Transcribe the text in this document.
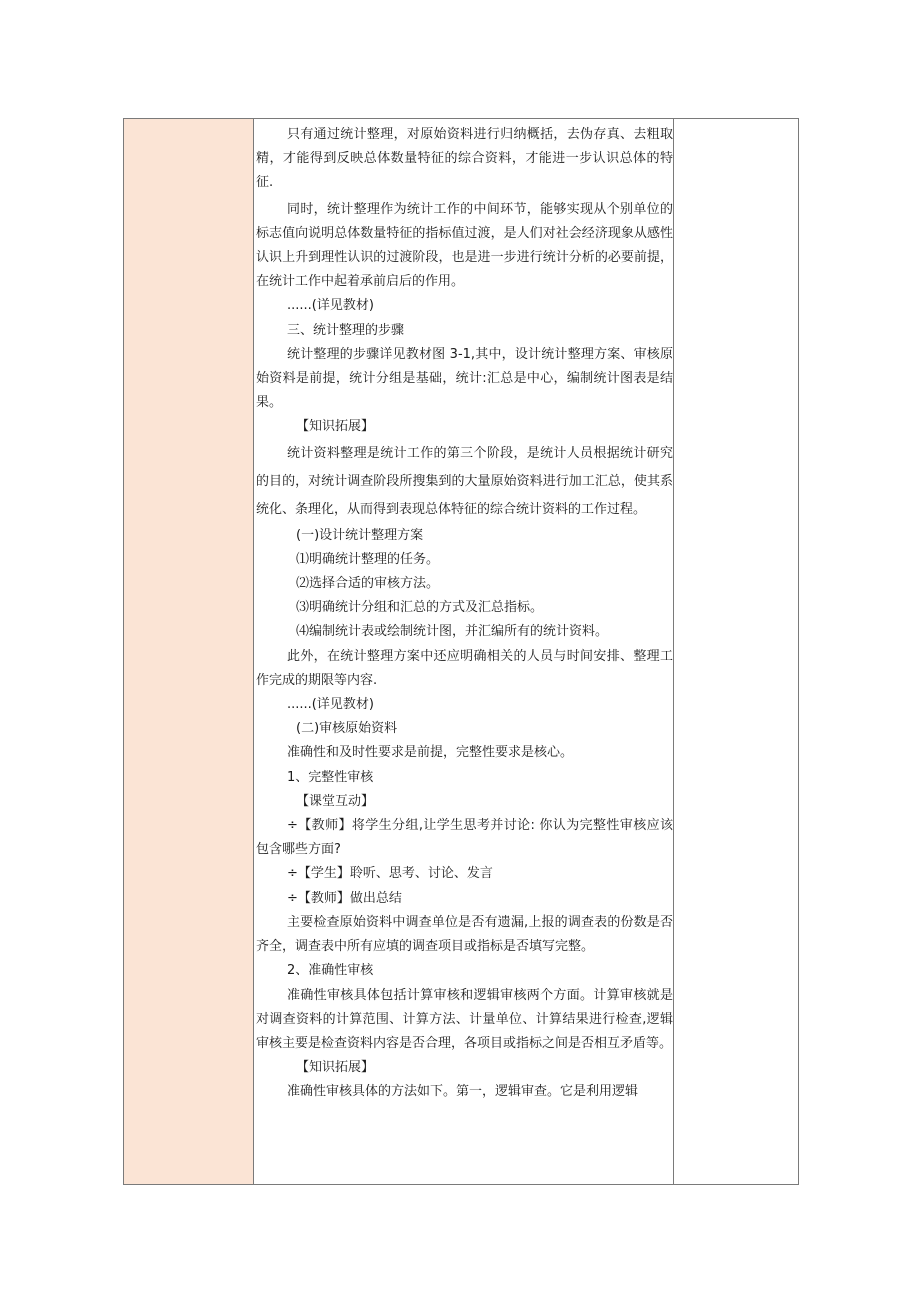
只有通过统计整理，对原始资料进行归纳概括，去伪存真、去粗取精，才能得到反映总体数量特征的综合资料，才能进一步认识总体的特征.

同时，统计整理作为统计工作的中间环节，能够实现从个别单位的标志值向说明总体数量特征的指标值过渡，是人们对社会经济现象从感性认识上升到理性认识的过渡阶段，也是进一步进行统计分析的必要前提，在统计工作中起着承前启后的作用。

......(详见教材)

三、统计整理的步骤

统计整理的步骤详见教材图 3-1,其中，设计统计整理方案、审核原始资料是前提，统计分组是基础，统计:汇总是中心，编制统计图表是结果。

【知识拓展】

统计资料整理是统计工作的第三个阶段，是统计人员根据统计研究的目的，对统计调查阶段所搜集到的大量原始资料进行加工汇总，使其系统化、条理化，从而得到表现总体特征的综合统计资料的工作过程。

(一)设计统计整理方案

⑴明确统计整理的任务。

⑵选择合适的审核方法。

⑶明确统计分组和汇总的方式及汇总指标。

⑷编制统计表或绘制统计图，并汇编所有的统计资料。

此外，在统计整理方案中还应明确相关的人员与时间安排、整理工作完成的期限等内容.

......(详见教材)

(二)审核原始资料

准确性和及时性要求是前提，完整性要求是核心。

1、完整性审核

【课堂互动】

÷【教师】将学生分组,让学生思考并讨论: 你认为完整性审核应该包含哪些方面?

÷【学生】聆听、思考、讨论、发言

÷【教师】做出总结

主要检查原始资料中调查单位是否有遗漏,上报的调查表的份数是否齐全，调查表中所有应填的调查项目或指标是否填写完整。

2、准确性审核

准确性审核具体包括计算审核和逻辑审核两个方面。计算审核就是对调查资料的计算范围、计算方法、计量单位、计算结果进行检查,逻辑审核主要是检查资料内容是否合理，各项目或指标之间是否相互矛盾等。

【知识拓展】

准确性审核具体的方法如下。第一，逻辑审查。它是利用逻辑
